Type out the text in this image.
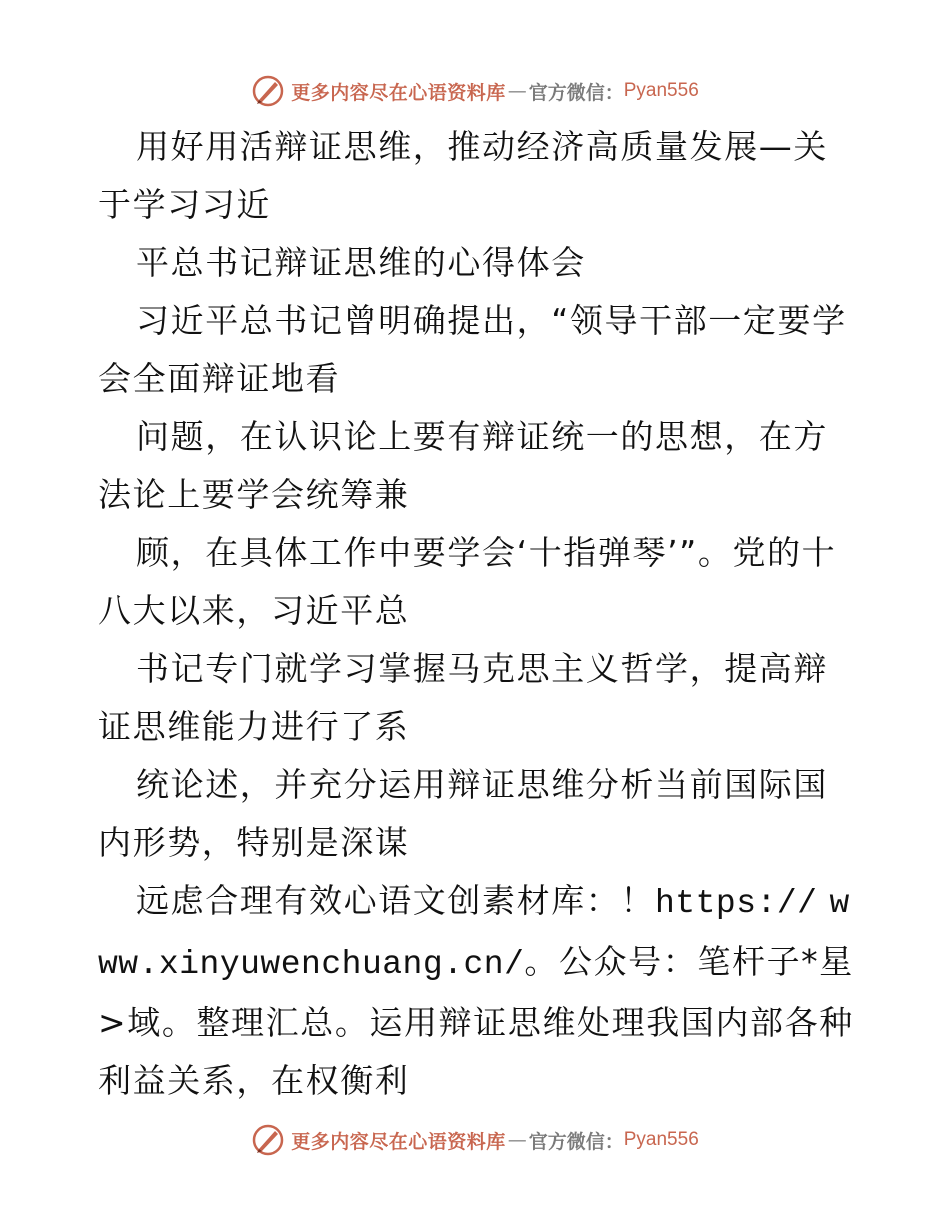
更多内容尽在心语资料库 — 官方微信： Pyan556

用好用活辩证思维，推动经济高质量发展—关于学习习近

平总书记辩证思维的心得体会

习近平总书记曾明确提出，“领导干部一定要学会全面辩证地看

问题，在认识论上要有辩证统一的思想，在方法论上要学会统筹兼

顾，在具体工作中要学会‘十指弹琴’”。党的十八大以来，习近平总

书记专门就学习掌握马克思主义哲学，提高辩证思维能力进行了系

统论述，并充分运用辩证思维分析当前国际国内形势，特别是深谋

远虑合理有效心语文创素材库：！https:// www.xinyuwenchuang.cn/。公众号：笔杆子*星>域。整理汇总。运用辩证思维处理我国内部各种利益关系，在权衡利

更多内容尽在心语资料库 — 官方微信： Pyan556
